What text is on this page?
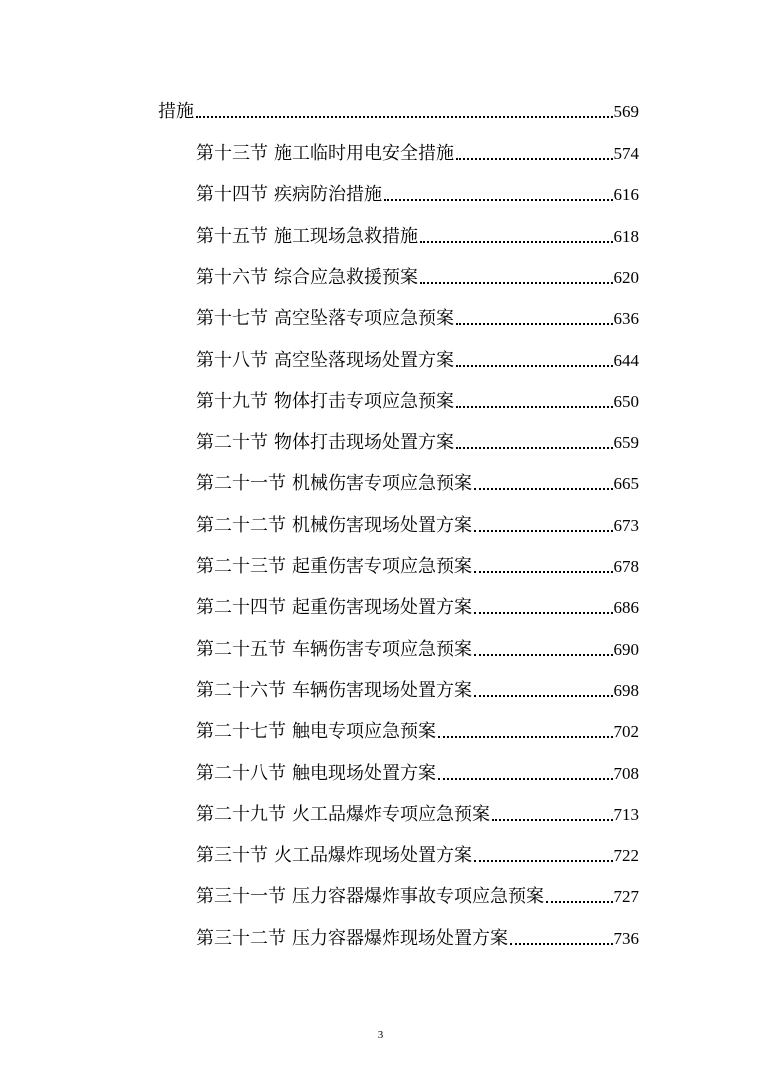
措施	569
第十三节 施工临时用电安全措施	574
第十四节 疾病防治措施	616
第十五节 施工现场急救措施	618
第十六节 综合应急救援预案	620
第十七节 高空坠落专项应急预案	636
第十八节 高空坠落现场处置方案	644
第十九节 物体打击专项应急预案	650
第二十节 物体打击现场处置方案	659
第二十一节 机械伤害专项应急预案	665
第二十二节 机械伤害现场处置方案	673
第二十三节 起重伤害专项应急预案	678
第二十四节 起重伤害现场处置方案	686
第二十五节 车辆伤害专项应急预案	690
第二十六节 车辆伤害现场处置方案	698
第二十七节 触电专项应急预案	702
第二十八节 触电现场处置方案	708
第二十九节 火工品爆炸专项应急预案	713
第三十节 火工品爆炸现场处置方案	722
第三十一节 压力容器爆炸事故专项应急预案	727
第三十二节 压力容器爆炸现场处置方案	736
3
